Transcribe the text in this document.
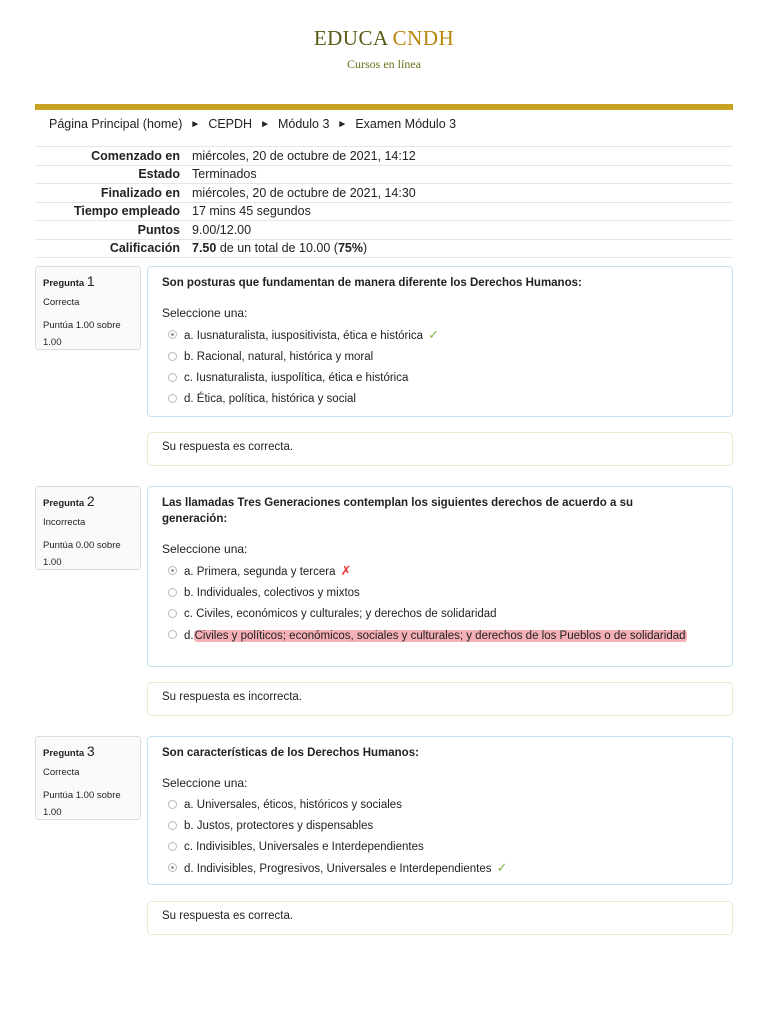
EDUCA CNDH
Cursos en línea
Página Principal (home) ► CEPDH ► Módulo 3 ► Examen Módulo 3
Comenzado en	miércoles, 20 de octubre de 2021, 14:12
Estado	Terminados
Finalizado en	miércoles, 20 de octubre de 2021, 14:30
Tiempo empleado	17 mins 45 segundos
Puntos	9.00/12.00
Calificación	7.50 de un total de 10.00 (75%)
Pregunta 1
Correcta
Puntúa 1.00 sobre 1.00
Son posturas que fundamentan de manera diferente los Derechos Humanos:
Seleccione una:
a. Iusnaturalista, iuspositivista, ética e histórica ✓
b. Racional, natural, histórica y moral
c. Iusnaturalista, iuspolítica, ética e histórica
d. Ética, política, histórica y social
Su respuesta es correcta.
Pregunta 2
Incorrecta
Puntúa 0.00 sobre 1.00
Las llamadas Tres Generaciones contemplan los siguientes derechos de acuerdo a su generación:
Seleccione una:
a. Primera, segunda y tercera ✗
b. Individuales, colectivos y mixtos
c. Civiles, económicos y culturales; y derechos de solidaridad
d.Civiles y políticos; económicos, sociales y culturales; y derechos de los Pueblos o de solidaridad
Su respuesta es incorrecta.
Pregunta 3
Correcta
Puntúa 1.00 sobre 1.00
Son características de los Derechos Humanos:
Seleccione una:
a. Universales, éticos, históricos y sociales
b. Justos, protectores y dispensables
c. Indivisibles, Universales e Interdependientes
d. Indivisibles, Progresivos, Universales e Interdependientes ✓
Su respuesta es correcta.
